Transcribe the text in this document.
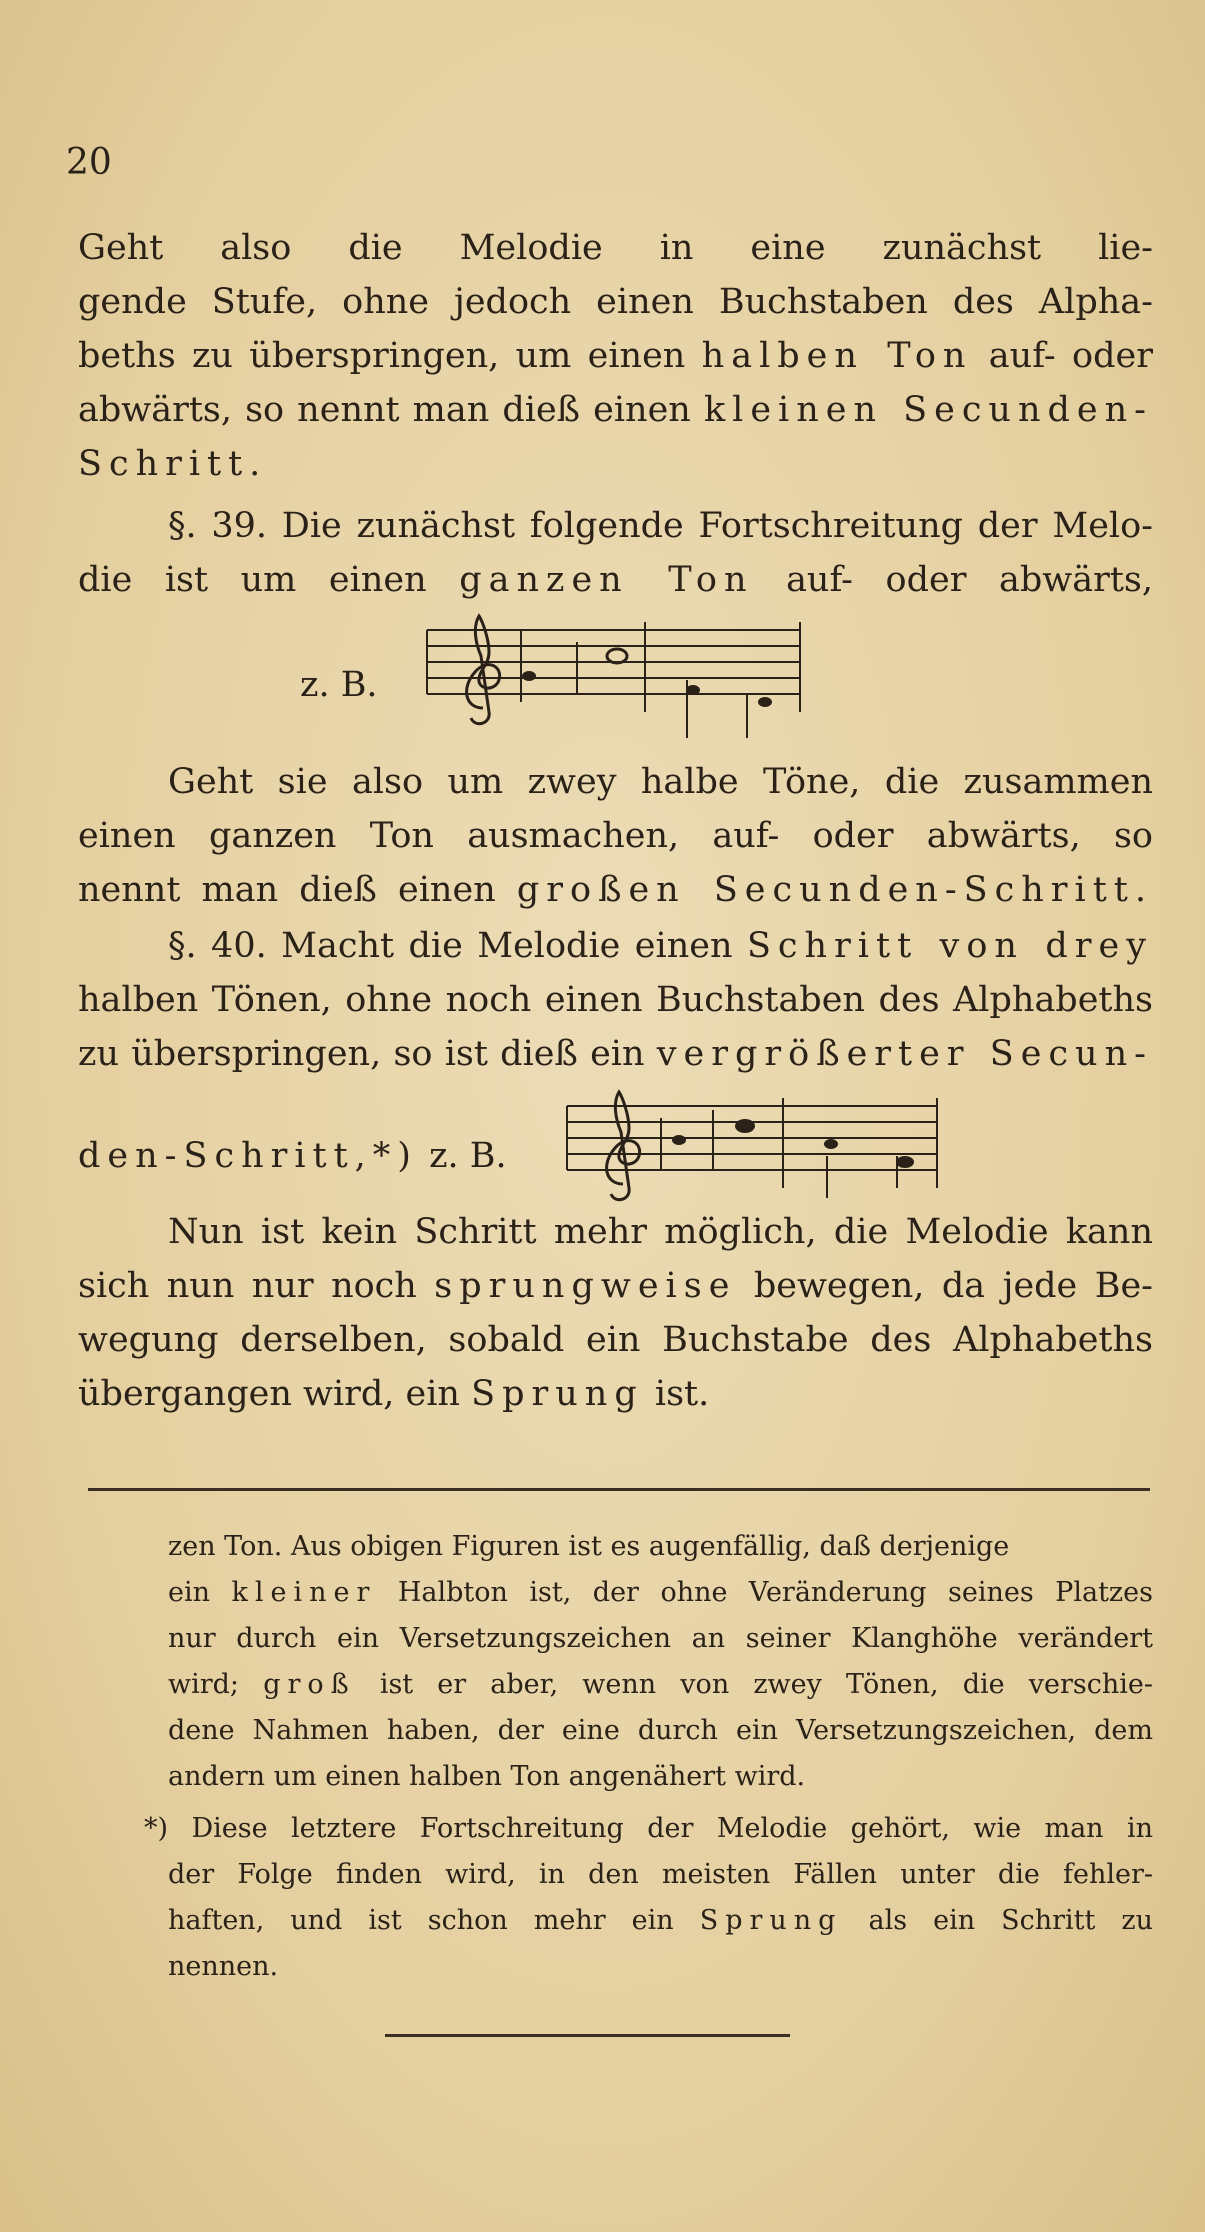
20
Geht also die Melodie in eine zunächst lie-
gende Stufe, ohne jedoch einen Buchstaben des Alpha-
beths zu überspringen, um einen halben Ton auf- oder
abwärts, so nennt man dieß einen kleinen Secunden-
Schritt.
§. 39. Die zunächst folgende Fortschreitung der Melo-
die ist um einen ganzen Ton auf- oder abwärts,
z. B.
Geht sie also um zwey halbe Töne, die zusammen
einen ganzen Ton ausmachen, auf- oder abwärts, so
nennt man dieß einen großen Secunden-Schritt.
§. 40. Macht die Melodie einen Schritt von drey
halben Tönen, ohne noch einen Buchstaben des Alphabeths
zu überspringen, so ist dieß ein vergrößerter Secun-
den-Schritt,*) z. B.
Nun ist kein Schritt mehr möglich, die Melodie kann
sich nun nur noch sprungweise bewegen, da jede Be-
wegung derselben, sobald ein Buchstabe des Alphabeths
übergangen wird, ein Sprung ist.
zen Ton. Aus obigen Figuren ist es augenfällig, daß derjenige
ein kleiner Halbton ist, der ohne Veränderung seines Platzes
nur durch ein Versetzungszeichen an seiner Klanghöhe verändert
wird; groß ist er aber, wenn von zwey Tönen, die verschie-
dene Nahmen haben, der eine durch ein Versetzungszeichen, dem
andern um einen halben Ton angenähert wird.
*) Diese letztere Fortschreitung der Melodie gehört, wie man in
der Folge finden wird, in den meisten Fällen unter die fehler-
haften, und ist schon mehr ein Sprung als ein Schritt zu
nennen.
